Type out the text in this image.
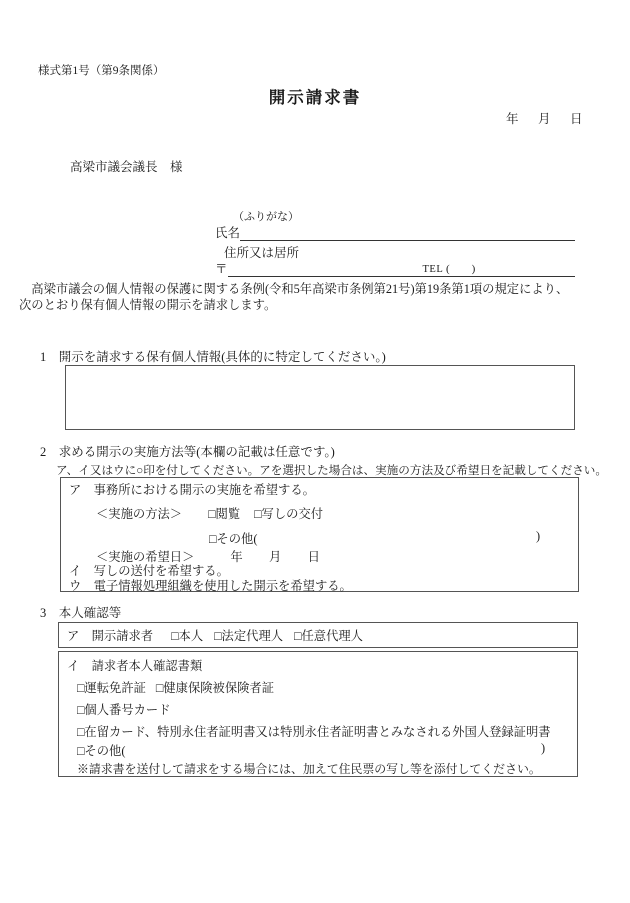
様式第1号（第9条関係）
開示請求書
年　月　日
高梁市議会議長　様
（ふりがな）
氏名
住所又は居所
〒	TEL (　　)
　高梁市議会の個人情報の保護に関する条例(令和5年高梁市条例第21号)第19条第1項の規定により、
次のとおり保有個人情報の開示を請求します。
1　開示を請求する保有個人情報(具体的に特定してください。)
2　求める開示の実施方法等(本欄の記載は任意です。)
ア、イ又はウに○印を付してください。アを選択した場合は、実施の方法及び希望日を記載してください。
ア　事務所における開示の実施を希望する。
＜実施の方法＞ □閲覧 □写しの交付
□その他(	)
＜実施の希望日＞	年　月　日
イ　写しの送付を希望する。
ウ　電子情報処理組織を使用した開示を希望する。
3　本人確認等
ア　開示請求者 □本人 □法定代理人 □任意代理人
イ　請求者本人確認書類
□運転免許証 □健康保険被保険者証
□個人番号カード
□在留カード、特別永住者証明書又は特別永住者証明書とみなされる外国人登録証明書
□その他(	)
※請求書を送付して請求をする場合には、加えて住民票の写し等を添付してください。
